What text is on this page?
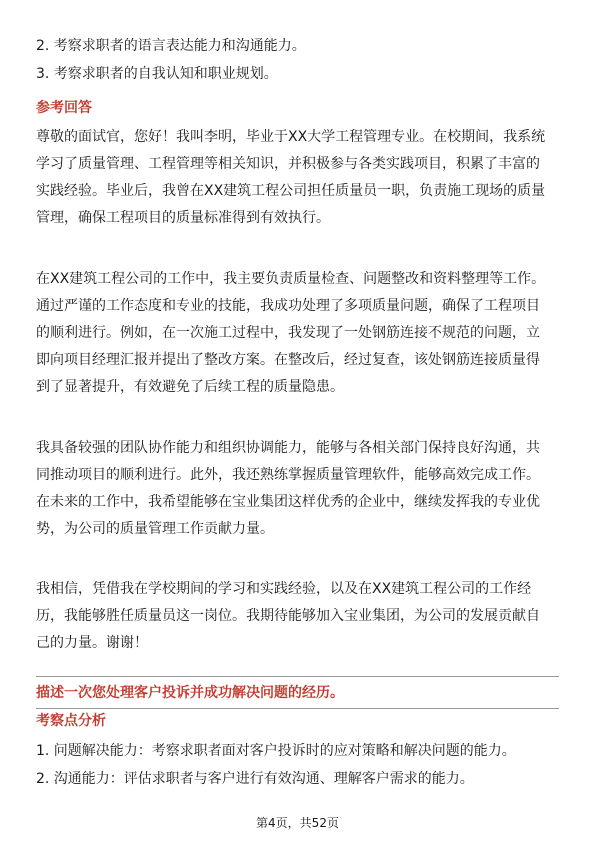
2. 考察求职者的语言表达能力和沟通能力。
3. 考察求职者的自我认知和职业规划。
参考回答
尊敬的面试官，您好！我叫李明，毕业于XX大学工程管理专业。在校期间，我系统
学习了质量管理、工程管理等相关知识，并积极参与各类实践项目，积累了丰富的
实践经验。毕业后，我曾在XX建筑工程公司担任质量员一职，负责施工现场的质量
管理，确保工程项目的质量标准得到有效执行。
在XX建筑工程公司的工作中，我主要负责质量检查、问题整改和资料整理等工作。
通过严谨的工作态度和专业的技能，我成功处理了多项质量问题，确保了工程项目
的顺利进行。例如，在一次施工过程中，我发现了一处钢筋连接不规范的问题，立
即向项目经理汇报并提出了整改方案。在整改后，经过复查，该处钢筋连接质量得
到了显著提升，有效避免了后续工程的质量隐患。
我具备较强的团队协作能力和组织协调能力，能够与各相关部门保持良好沟通，共
同推动项目的顺利进行。此外，我还熟练掌握质量管理软件，能够高效完成工作。
在未来的工作中，我希望能够在宝业集团这样优秀的企业中，继续发挥我的专业优
势，为公司的质量管理工作贡献力量。
我相信，凭借我在学校期间的学习和实践经验，以及在XX建筑工程公司的工作经
历，我能够胜任质量员这一岗位。我期待能够加入宝业集团，为公司的发展贡献自
己的力量。谢谢！
描述一次您处理客户投诉并成功解决问题的经历。
考察点分析
1. 问题解决能力：考察求职者面对客户投诉时的应对策略和解决问题的能力。
2. 沟通能力：评估求职者与客户进行有效沟通、理解客户需求的能力。
第4页，共52页
